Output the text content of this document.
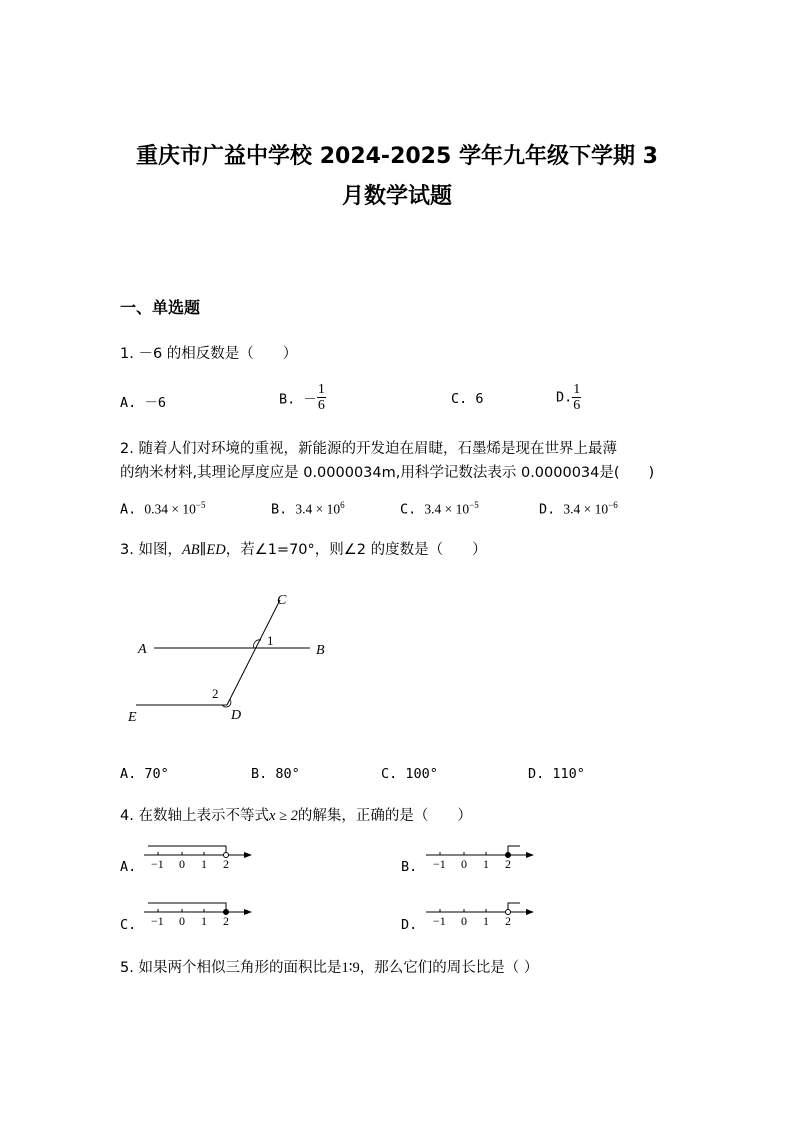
重庆市广益中学校 2024-2025 学年九年级下学期 3
月数学试题
一、单选题
1. －6 的相反数是（　　）
A. －6	B. － $\frac{1}{6}$	C. 6	D. $\frac{1}{6}$
2. 随着人们对环境的重视，新能源的开发迫在眉睫，石墨烯是现在世界上最薄
的纳米材料,其理论厚度应是 0.0000034m,用科学记数法表示 0.0000034是(　　)
A. $0.34 \times 10^{-5}$	B. $3.4 \times 10^6$	C. $3.4 \times 10^{-5}$	D. $3.4 \times 10^{-6}$
3. 如图，AB∥ED，若∠1=70°，则∠2 的度数是（　　）
C
A	B
1
2
E	D
A. 70°	B. 80°	C. 100°	D. 110°
4. 在数轴上表示不等式x ≥ 2的解集，正确的是（　　）
A. −1 0 1 2	B. −1 0 1 2
C. −1 0 1 2	D. −1 0 1 2
5. 如果两个相似三角形的面积比是1∶9，那么它们的周长比是（ ）
